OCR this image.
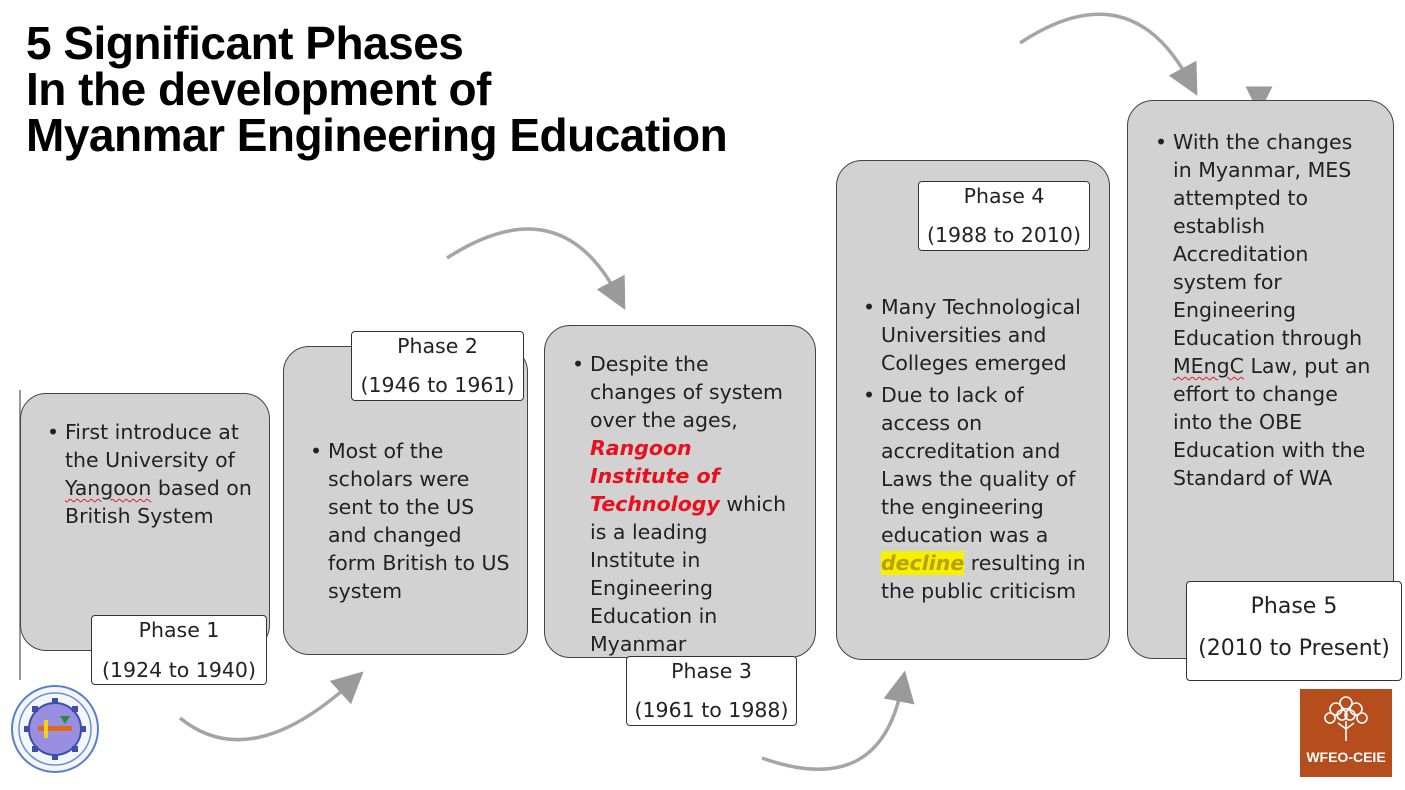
5 Significant Phases
In the development of
Myanmar Engineering Education
• First introduce at the University of Yangoon based on British System
Phase 1
(1924 to 1940)
• Most of the scholars were sent to the US and changed form British to US system
Phase 2
(1946 to 1961)
• Despite the changes of system over the ages, Rangoon Institute of Technology which is a leading Institute in Engineering Education in Myanmar
Phase 3
(1961 to 1988)
• Many Technological Universities and Colleges emerged
• Due to lack of access on accreditation and Laws the quality of the engineering education was a decline resulting in the public criticism
Phase 4
(1988 to 2010)
• With the changes in Myanmar, MES attempted to establish Accreditation system for Engineering Education through MEngC Law, put an effort to change into the OBE Education with the Standard of WA
Phase 5
(2010 to Present)
WFEO-CEIE
